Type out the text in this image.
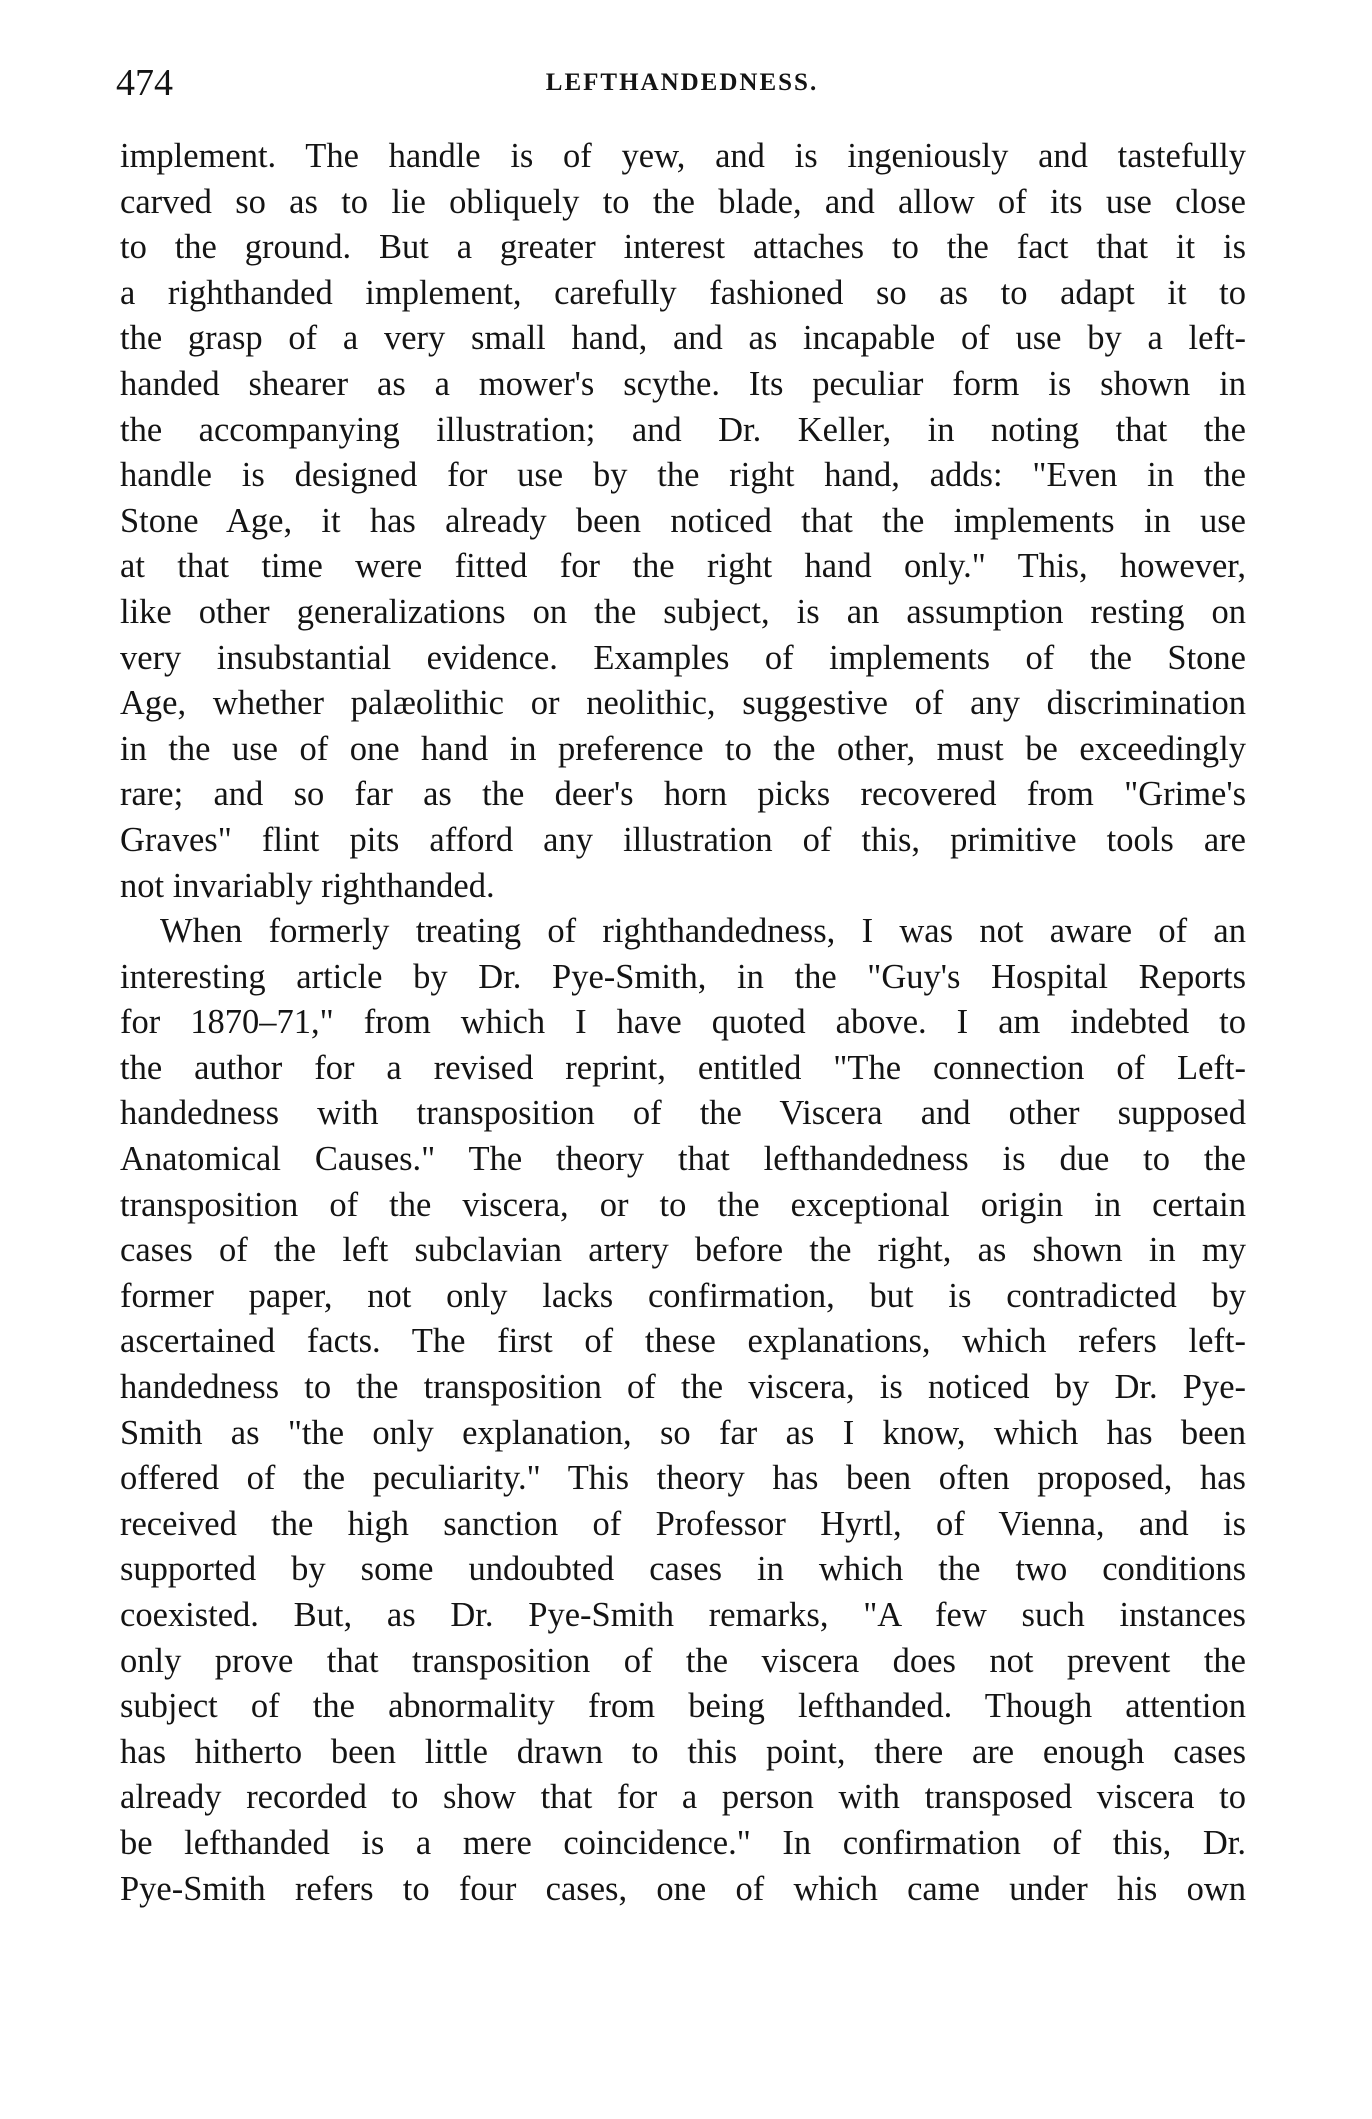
474	LEFTHANDEDNESS.
implement. The handle is of yew, and is ingeniously and tastefully
carved so as to lie obliquely to the blade, and allow of its use close
to the ground. But a greater interest attaches to the fact that it is
a righthanded implement, carefully fashioned so as to adapt it to
the grasp of a very small hand, and as incapable of use by a left-
handed shearer as a mower's scythe. Its peculiar form is shown in
the accompanying illustration; and Dr. Keller, in noting that the
handle is designed for use by the right hand, adds: "Even in the
Stone Age, it has already been noticed that the implements in use
at that time were fitted for the right hand only." This, however,
like other generalizations on the subject, is an assumption resting on
very insubstantial evidence. Examples of implements of the Stone
Age, whether palæolithic or neolithic, suggestive of any discrimination
in the use of one hand in preference to the other, must be exceedingly
rare; and so far as the deer's horn picks recovered from "Grime's
Graves" flint pits afford any illustration of this, primitive tools are
not invariably righthanded.
When formerly treating of righthandedness, I was not aware of an
interesting article by Dr. Pye-Smith, in the "Guy's Hospital Reports
for 1870–71," from which I have quoted above. I am indebted to
the author for a revised reprint, entitled "The connection of Left-
handedness with transposition of the Viscera and other supposed
Anatomical Causes." The theory that lefthandedness is due to the
transposition of the viscera, or to the exceptional origin in certain
cases of the left subclavian artery before the right, as shown in my
former paper, not only lacks confirmation, but is contradicted by
ascertained facts. The first of these explanations, which refers left-
handedness to the transposition of the viscera, is noticed by Dr. Pye-
Smith as "the only explanation, so far as I know, which has been
offered of the peculiarity." This theory has been often proposed, has
received the high sanction of Professor Hyrtl, of Vienna, and is
supported by some undoubted cases in which the two conditions
coexisted. But, as Dr. Pye-Smith remarks, "A few such instances
only prove that transposition of the viscera does not prevent the
subject of the abnormality from being lefthanded. Though attention
has hitherto been little drawn to this point, there are enough cases
already recorded to show that for a person with transposed viscera to
be lefthanded is a mere coincidence." In confirmation of this, Dr.
Pye-Smith refers to four cases, one of which came under his own
